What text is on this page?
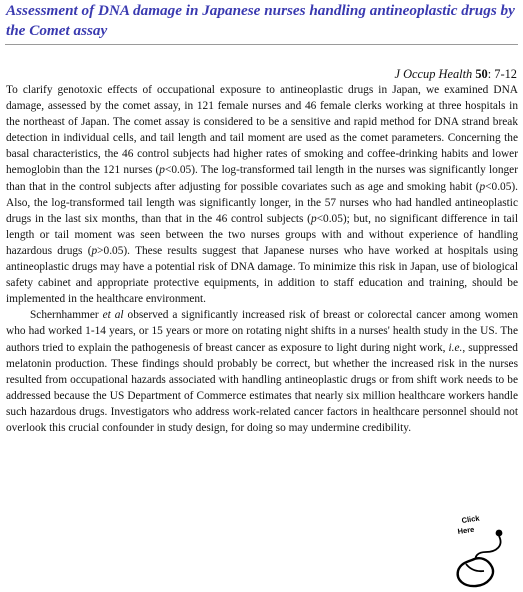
Assessment of DNA damage in Japanese nurses handling antineoplastic drugs by the Comet assay

J Occup Health 50: 7-12

To clarify genotoxic effects of occupational exposure to antineoplastic drugs in Japan, we examined DNA damage, assessed by the comet assay, in 121 female nurses and 46 female clerks working at three hospitals in the northeast of Japan. The comet assay is considered to be a sensitive and rapid method for DNA strand break detection in individual cells, and tail length and tail moment are used as the comet parameters. Concerning the basal characteristics, the 46 control subjects had higher rates of smoking and coffee-drinking habits and lower hemoglobin than the 121 nurses (p<0.05). The log-transformed tail length in the nurses was significantly longer than that in the control subjects after adjusting for possible covariates such as age and smoking habit (p<0.05). Also, the log-transformed tail length was significantly longer, in the 57 nurses who had handled antineoplastic drugs in the last six months, than that in the 46 control subjects (p<0.05); but, no significant difference in tail length or tail moment was seen between the two nurses groups with and without experience of handling hazardous drugs (p>0.05). These results suggest that Japanese nurses who have worked at hospitals using antineoplastic drugs may have a potential risk of DNA damage. To minimize this risk in Japan, use of biological safety cabinet and appropriate protective equipments, in addition to staff education and training, should be implemented in the healthcare environment.

Schernhammer et al observed a significantly increased risk of breast or colorectal cancer among women who had worked 1-14 years, or 15 years or more on rotating night shifts in a nurses' health study in the US. The authors tried to explain the pathogenesis of breast cancer as exposure to light during night work, i.e., suppressed melatonin production. These findings should probably be correct, but whether the increased risk in the nurses resulted from occupational hazards associated with handling antineoplastic drugs or from shift work needs to be addressed because the US Department of Commerce estimates that nearly six million healthcare workers handle such hazardous drugs. Investigators who address work-related cancer factors in healthcare personnel should not overlook this crucial confounder in study design, for doing so may undermine credibility.

Click
Here
